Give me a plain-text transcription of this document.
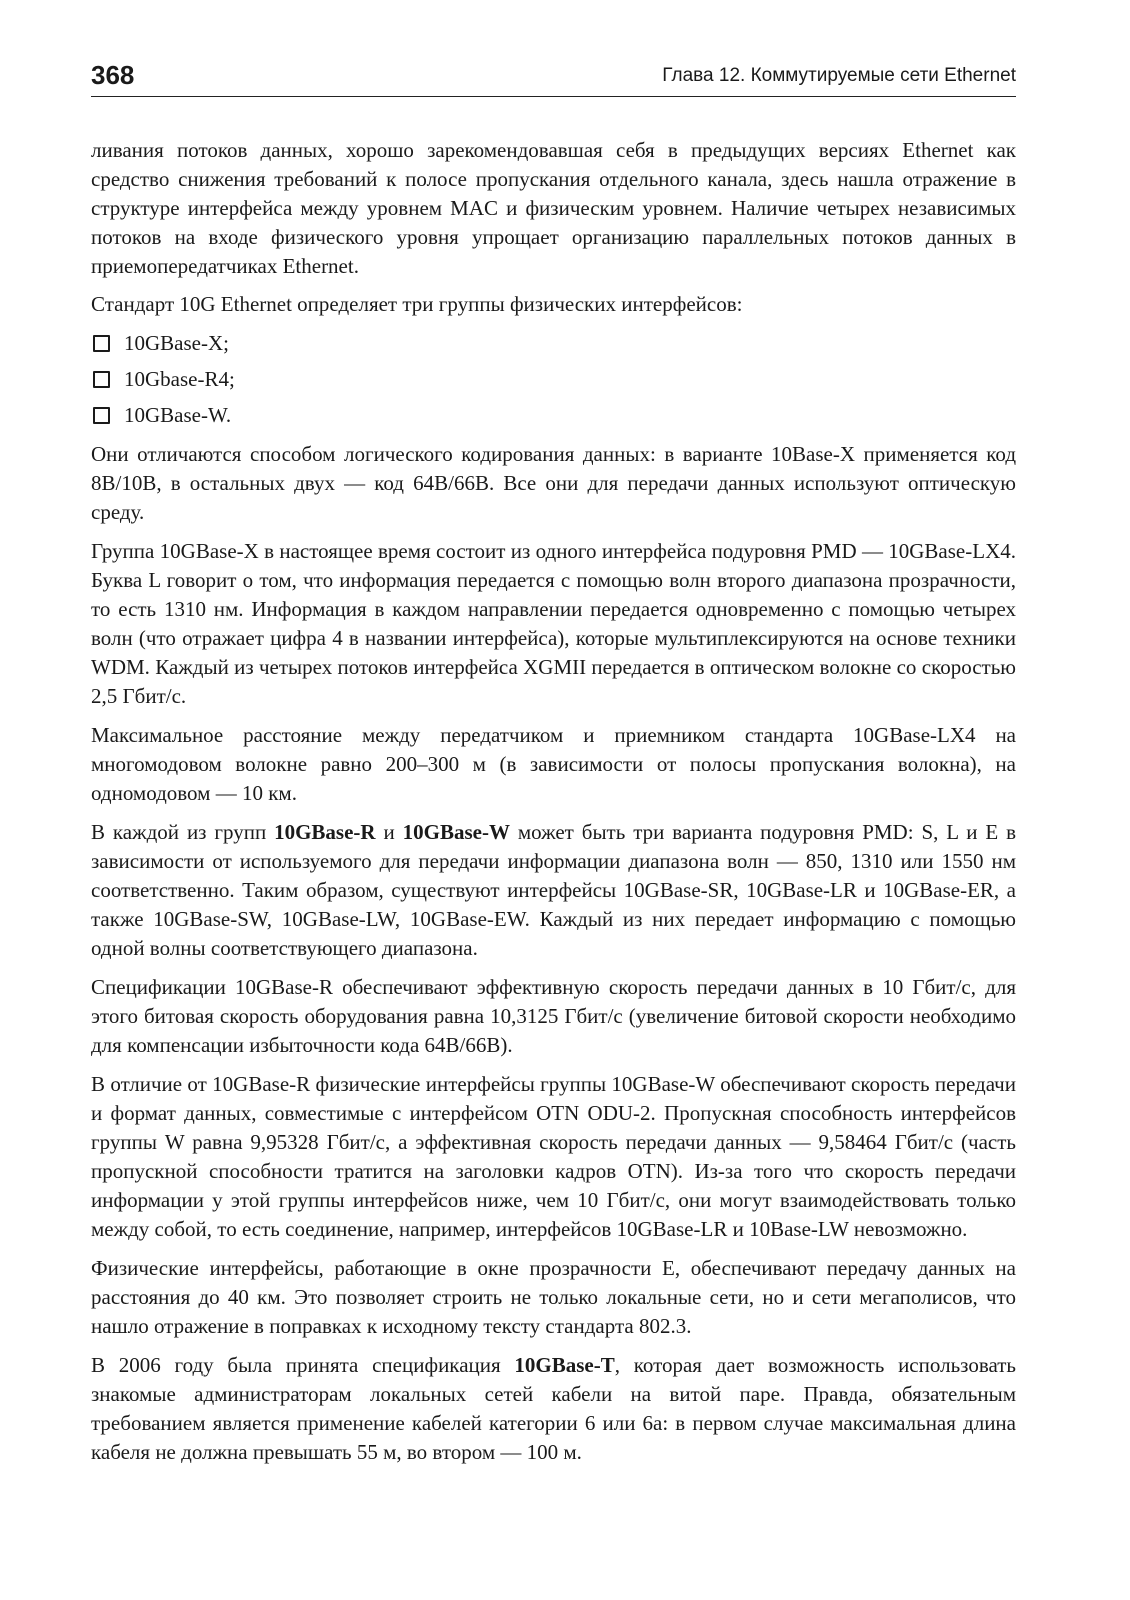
368	Глава 12. Коммутируемые сети Ethernet

ливания потоков данных, хорошо зарекомендовавшая себя в предыдущих версиях Ethernet как средство снижения требований к полосе пропускания отдельного канала, здесь нашла отражение в структуре интерфейса между уровнем MAC и физическим уровнем. Наличие четырех независимых потоков на входе физического уровня упрощает организацию параллельных потоков данных в приемопередатчиках Ethernet.

Стандарт 10G Ethernet определяет три группы физических интерфейсов:

10GBase-X;
10Gbase-R4;
10GBase-W.

Они отличаются способом логического кодирования данных: в варианте 10Base-X применяется код 8B/10B, в остальных двух — код 64B/66B. Все они для передачи данных используют оптическую среду.

Группа 10GBase-X в настоящее время состоит из одного интерфейса подуровня PMD — 10GBase-LX4. Буква L говорит о том, что информация передается с помощью волн второго диапазона прозрачности, то есть 1310 нм. Информация в каждом направлении передается одновременно с помощью четырех волн (что отражает цифра 4 в названии интерфейса), которые мультиплексируются на основе техники WDM. Каждый из четырех потоков интерфейса XGMII передается в оптическом волокне со скоростью 2,5 Гбит/с.

Максимальное расстояние между передатчиком и приемником стандарта 10GBase-LX4 на многомодовом волокне равно 200–300 м (в зависимости от полосы пропускания волокна), на одномодовом — 10 км.

В каждой из групп 10GBase-R и 10GBase-W может быть три варианта подуровня PMD: S, L и E в зависимости от используемого для передачи информации диапазона волн — 850, 1310 или 1550 нм соответственно. Таким образом, существуют интерфейсы 10GBase-SR, 10GBase-LR и 10GBase-ER, а также 10GBase-SW, 10GBase-LW, 10GBase-EW. Каждый из них передает информацию с помощью одной волны соответствующего диапазона.

Спецификации 10GBase-R обеспечивают эффективную скорость передачи данных в 10 Гбит/с, для этого битовая скорость оборудования равна 10,3125 Гбит/с (увеличение битовой скорости необходимо для компенсации избыточности кода 64B/66B).

В отличие от 10GBase-R физические интерфейсы группы 10GBase-W обеспечивают скорость передачи и формат данных, совместимые с интерфейсом OTN ODU-2. Пропускная способность интерфейсов группы W равна 9,95328 Гбит/с, а эффективная скорость передачи данных — 9,58464 Гбит/с (часть пропускной способности тратится на заголовки кадров OTN). Из-за того что скорость передачи информации у этой группы интерфейсов ниже, чем 10 Гбит/с, они могут взаимодействовать только между собой, то есть соединение, например, интерфейсов 10GBase-LR и 10Base-LW невозможно.

Физические интерфейсы, работающие в окне прозрачности E, обеспечивают передачу данных на расстояния до 40 км. Это позволяет строить не только локальные сети, но и сети мегаполисов, что нашло отражение в поправках к исходному тексту стандарта 802.3.

В 2006 году была принята спецификация 10GBase-T, которая дает возможность использовать знакомые администраторам локальных сетей кабели на витой паре. Правда, обязательным требованием является применение кабелей категории 6 или 6a: в первом случае максимальная длина кабеля не должна превышать 55 м, во втором — 100 м.
